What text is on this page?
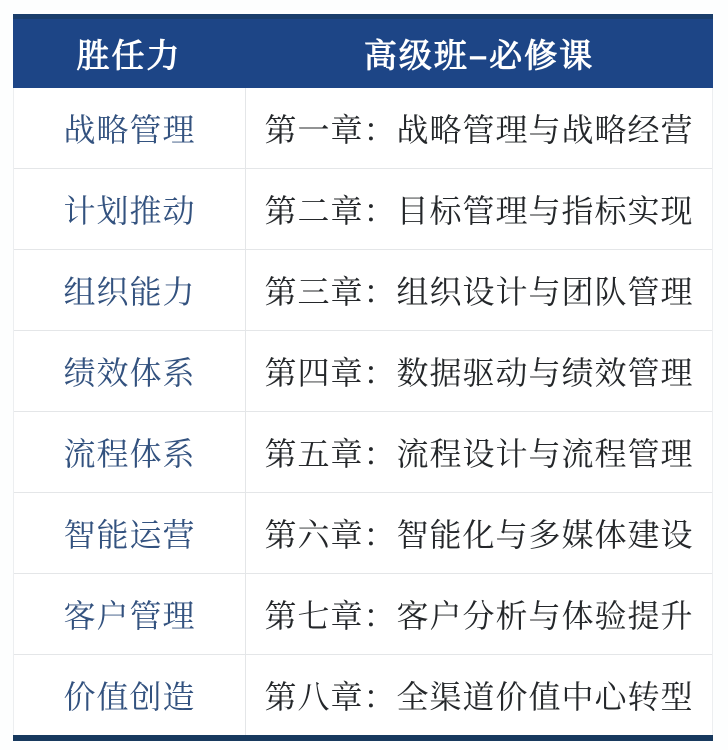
胜任力	高级班–必修课
战略管理	第一章：战略管理与战略经营
计划推动	第二章：目标管理与指标实现
组织能力	第三章：组织设计与团队管理
绩效体系	第四章：数据驱动与绩效管理
流程体系	第五章：流程设计与流程管理
智能运营	第六章：智能化与多媒体建设
客户管理	第七章：客户分析与体验提升
价值创造	第八章：全渠道价值中心转型
